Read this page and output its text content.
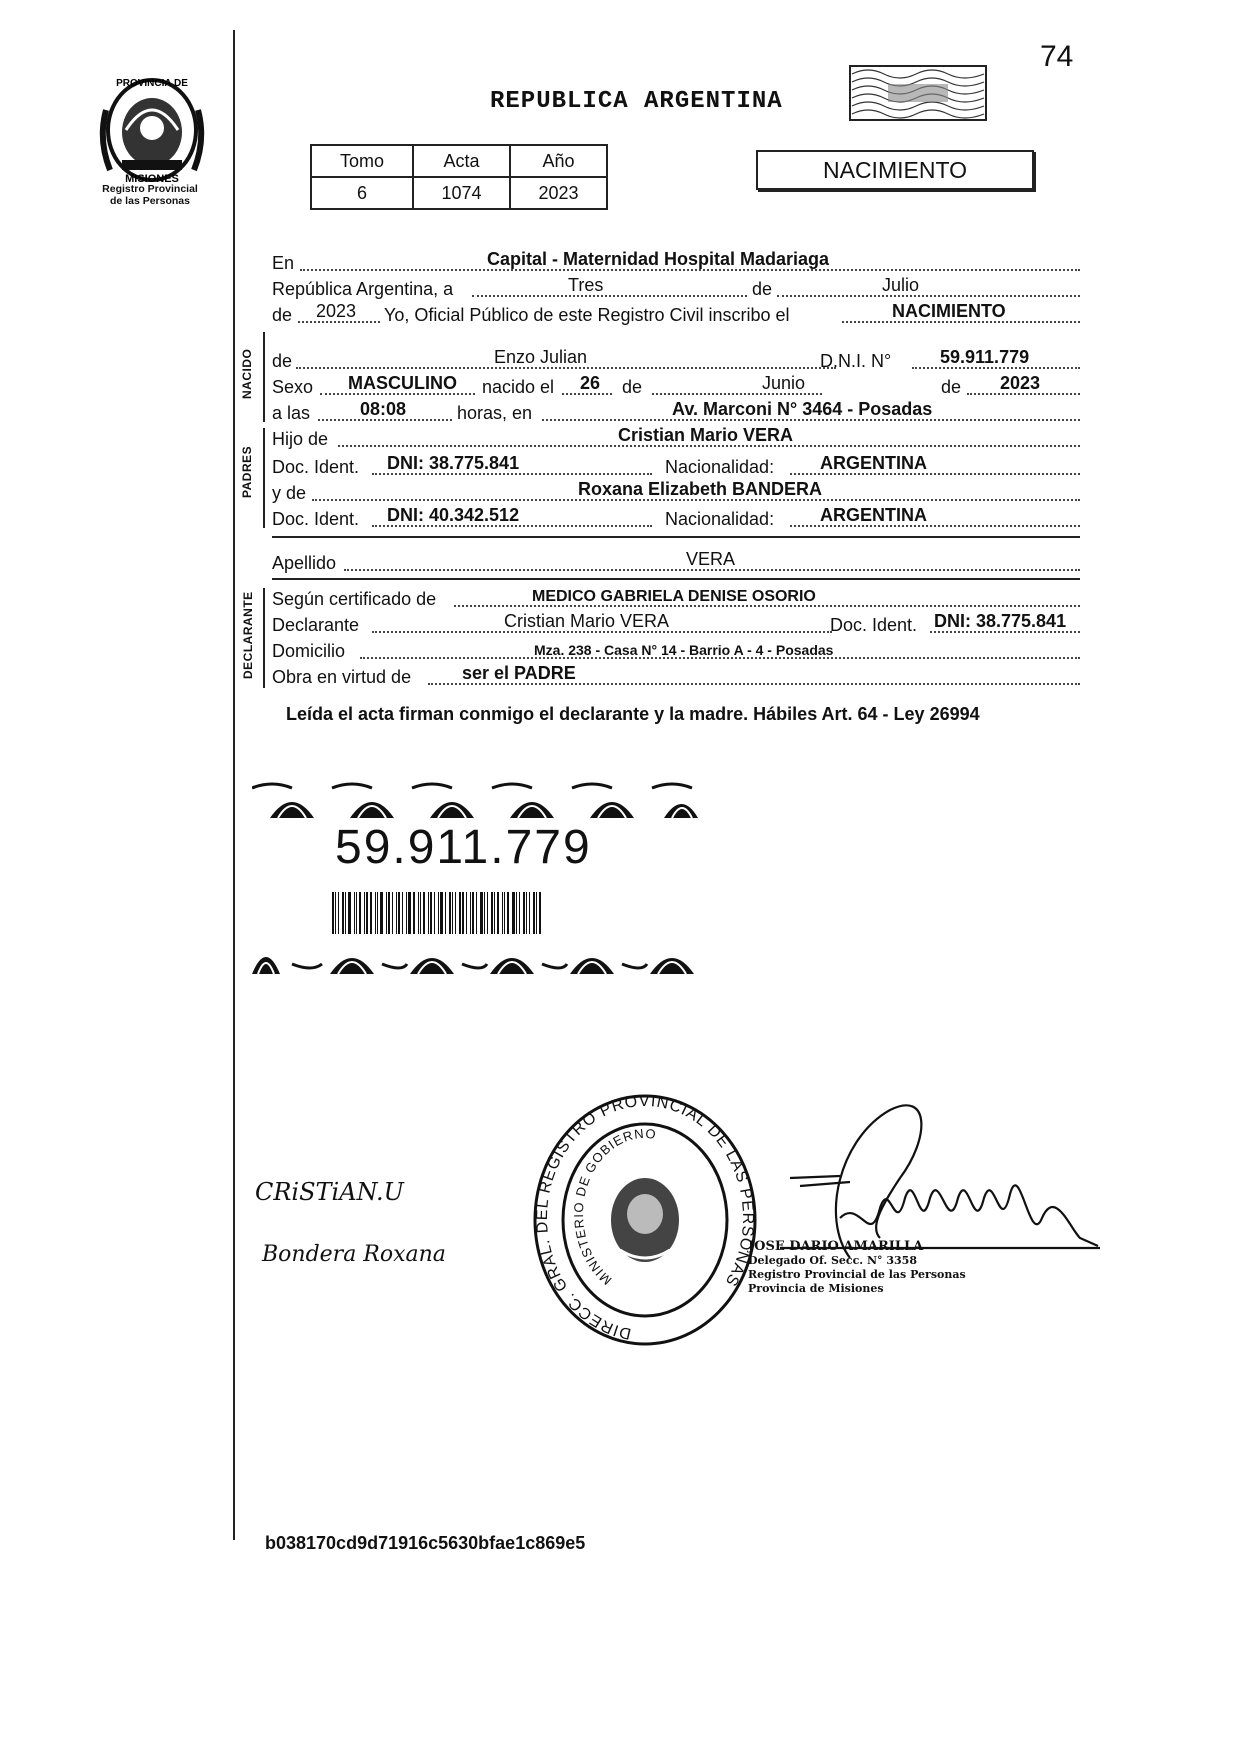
PROVINCIA DE
MISIONES
Registro Provincial
de las Personas
74
REPUBLICA ARGENTINA
Tomo	Acta	Año
6	1074	2023
NACIMIENTO
En	Capital - Maternidad Hospital Madariaga
República Argentina, a	Tres	de	Julio
de 2023 Yo, Oficial Público de este Registro Civil inscribo el	NACIMIENTO
NACIDO de	Enzo Julian	D.N.I. N°	59.911.779
Sexo MASCULINO nacido el 26 de	Junio	de 2023
a las	08:08	horas, en	Av. Marconi N° 3464 - Posadas
PADRES
Hijo de	Cristian Mario VERA
Doc. Ident. DNI: 38.775.841	Nacionalidad:	ARGENTINA
y de	Roxana Elizabeth BANDERA
Doc. Ident. DNI: 40.342.512	Nacionalidad:	ARGENTINA
Apellido	VERA
DECLARANTE Según certificado de	MEDICO GABRIELA DENISE OSORIO
Declarante	Cristian Mario VERA	Doc. Ident. DNI: 38.775.841
Domicilio	Mza. 238 - Casa N° 14 - Barrio A - 4 - Posadas
Obra en virtud de	ser el PADRE
Leída el acta firman conmigo el declarante y la madre. Hábiles Art. 64 - Ley 26994
59.911.779
CRiSTiAN.U
Bondera Roxana
DIRECC. GRAL. DEL REGISTRO PROVINCIAL DE LAS PERSONAS
MINISTERIO DE GOBIERNO
JOSE DARIO AMARILLA
Delegado Of. Secc. N° 3358
Registro Provincial de las Personas
Provincia de Misiones
b038170cd9d71916c5630bfae1c869e5
